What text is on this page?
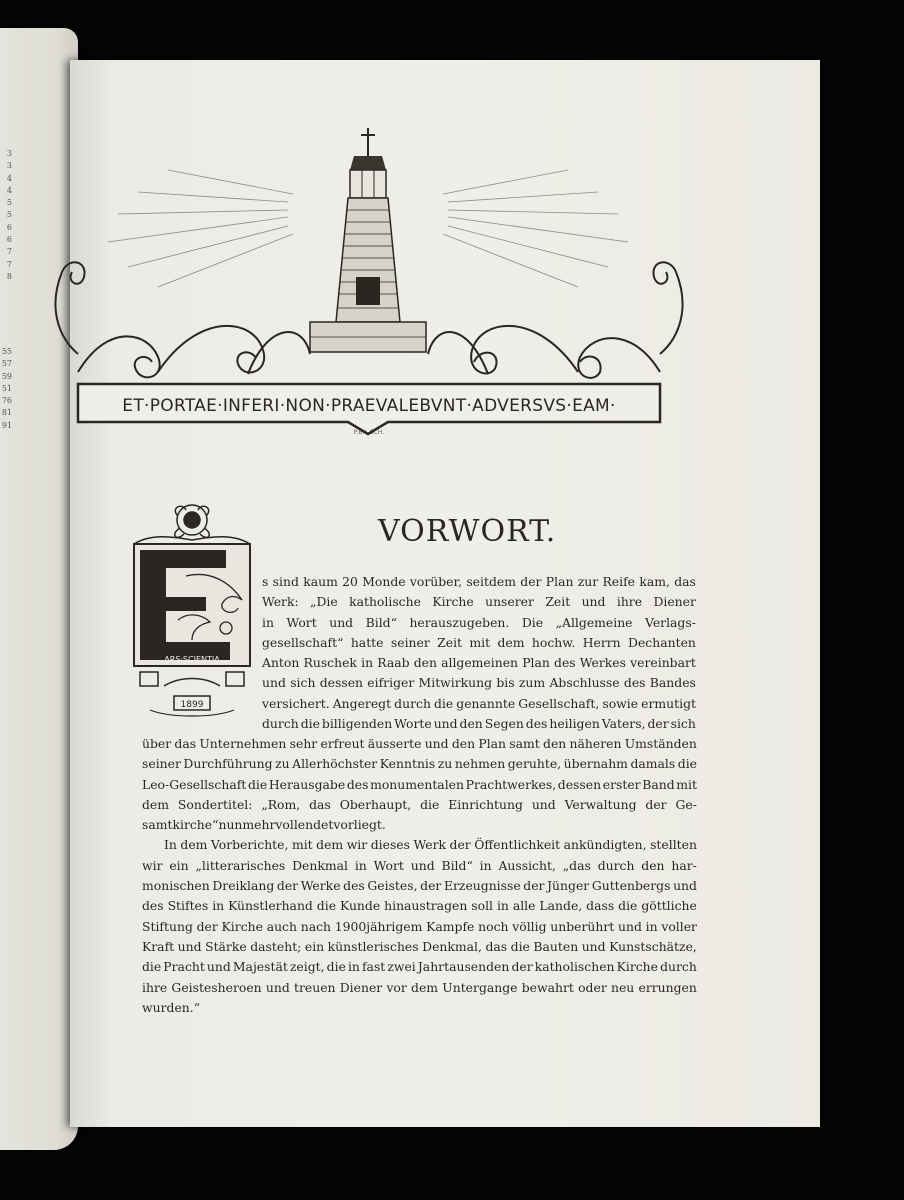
3
3
4
4
5
5
6
6
7
7
8
55
57
59
51
76
81
91
ET·PORTAE·INFERI·NON·PRAEVALEBVNT·ADVERSVS·EAM·
P.B.I. SCH.
VORWORT.
ARS·SCIENTIA
1899
s sind kaum 20 Monde vorüber, seitdem der Plan zur Reife kam, das
Werk: „Die katholische Kirche unserer Zeit und ihre Diener
in Wort und Bild“ herauszugeben. Die „Allgemeine Verlags-
gesellschaft“ hatte seiner Zeit mit dem hochw. Herrn Dechanten
Anton Ruschek in Raab den allgemeinen Plan des Werkes vereinbart
und sich dessen eifriger Mitwirkung bis zum Abschlusse des Bandes
versichert. Angeregt durch die genannte Gesellschaft, sowie ermutigt
durch die billigenden Worte und den Segen des heiligen Vaters, der sich
über das Unternehmen sehr erfreut äusserte und den Plan samt den näheren Umständen
seiner Durchführung zu Allerhöchster Kenntnis zu nehmen geruhte, übernahm damals die
Leo-Gesellschaft die Herausgabe des monumentalen Prachtwerkes, dessen erster Band mit
dem Sondertitel: „Rom, das Oberhaupt, die Einrichtung und Verwaltung der Ge-
samtkirche“ nunmehr vollendet vorliegt.
In dem Vorberichte, mit dem wir dieses Werk der Öffentlichkeit ankündigten, stellten
wir ein „litterarisches Denkmal in Wort und Bild“ in Aussicht, „das durch den har-
monischen Dreiklang der Werke des Geistes, der Erzeugnisse der Jünger Guttenbergs und
des Stiftes in Künstlerhand die Kunde hinaustragen soll in alle Lande, dass die göttliche
Stiftung der Kirche auch nach 1900jährigem Kampfe noch völlig unberührt und in voller
Kraft und Stärke dasteht; ein künstlerisches Denkmal, das die Bauten und Kunstschätze,
die Pracht und Majestät zeigt, die in fast zwei Jahrtausenden der katholischen Kirche durch
ihre Geistesheroen und treuen Diener vor dem Untergange bewahrt oder neu errungen
wurden.“
